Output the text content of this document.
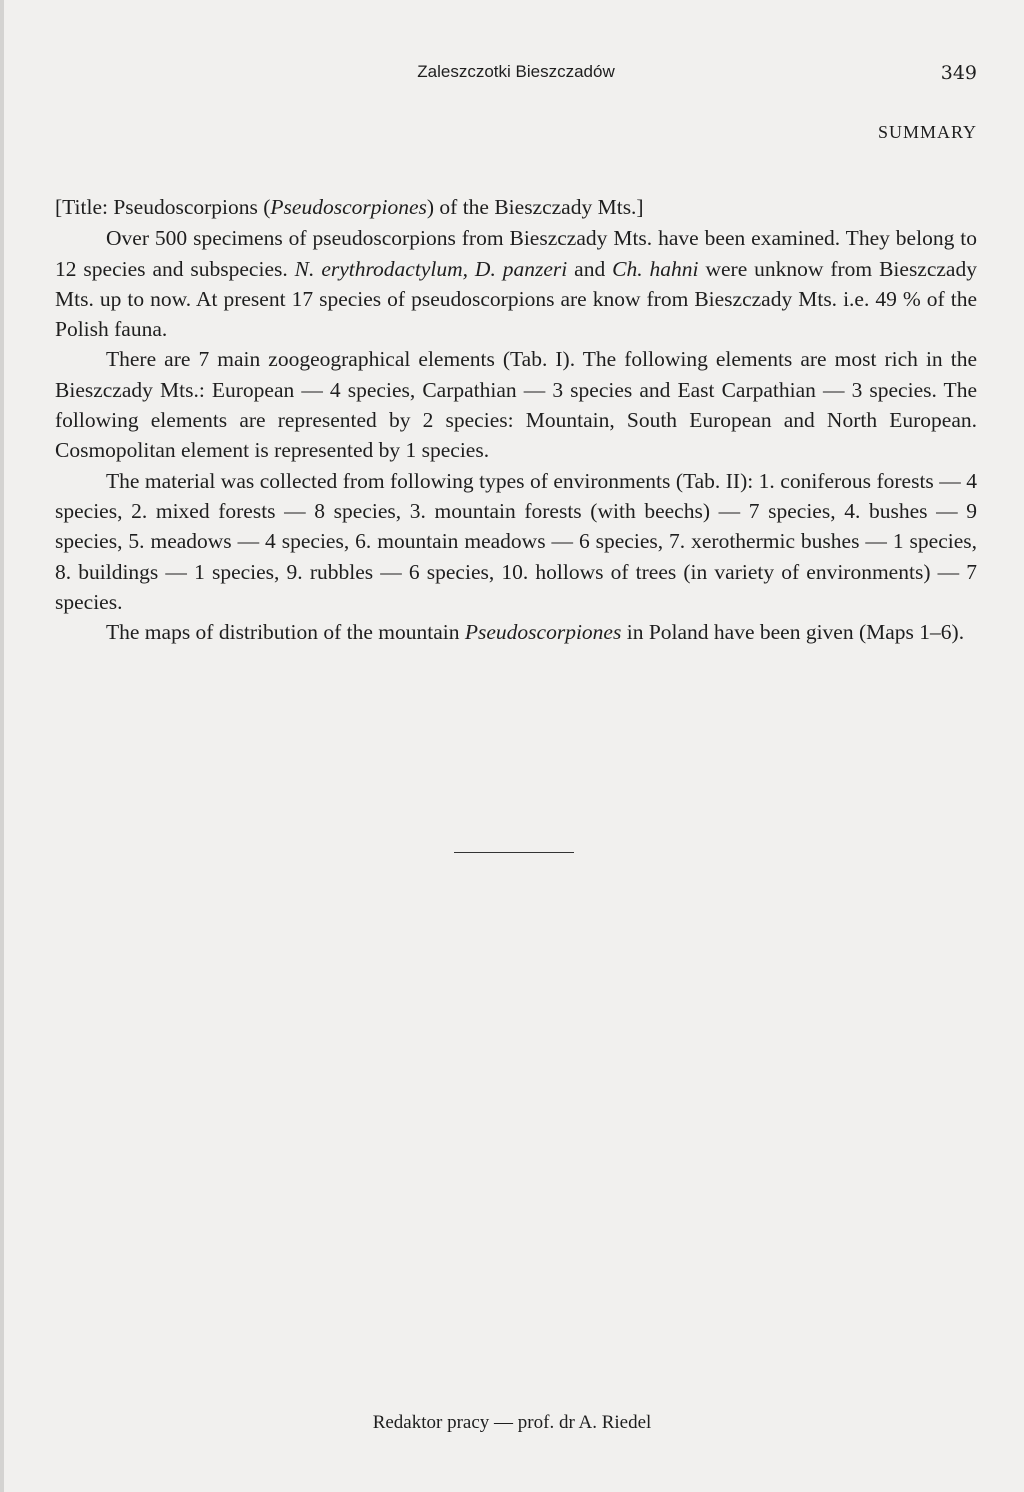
Zaleszczotki Bieszczadów	349
SUMMARY

[Title: Pseudoscorpions (Pseudoscorpiones) of the Bieszczady Mts.]

Over 500 specimens of pseudoscorpions from Bieszczady Mts. have been examined. They belong to 12 species and subspecies. N. erythrodactylum, D. panzeri and Ch. hahni were unknow from Bieszczady Mts. up to now. At present 17 species of pseudoscorpions are know from Bieszczady Mts. i.e. 49 % of the Polish fauna.

There are 7 main zoogeographical elements (Tab. I). The following elements are most rich in the Bieszczady Mts.: European — 4 species, Carpathian — 3 species and East Carpathian — 3 species. The following elements are represented by 2 species: Mountain, South European and North European. Cosmopolitan element is represented by 1 species.

The material was collected from following types of environments (Tab. II): 1. coniferous forests — 4 species, 2. mixed forests — 8 species, 3. mountain forests (with beechs) — 7 species, 4. bushes — 9 species, 5. meadows — 4 species, 6. mountain meadows — 6 species, 7. xerothermic bushes — 1 species, 8. buildings — 1 species, 9. rubbles — 6 species, 10. hollows of trees (in variety of environments) — 7 species.

The maps of distribution of the mountain Pseudoscorpiones in Poland have been given (Maps 1–6).

Redaktor pracy — prof. dr A. Riedel
